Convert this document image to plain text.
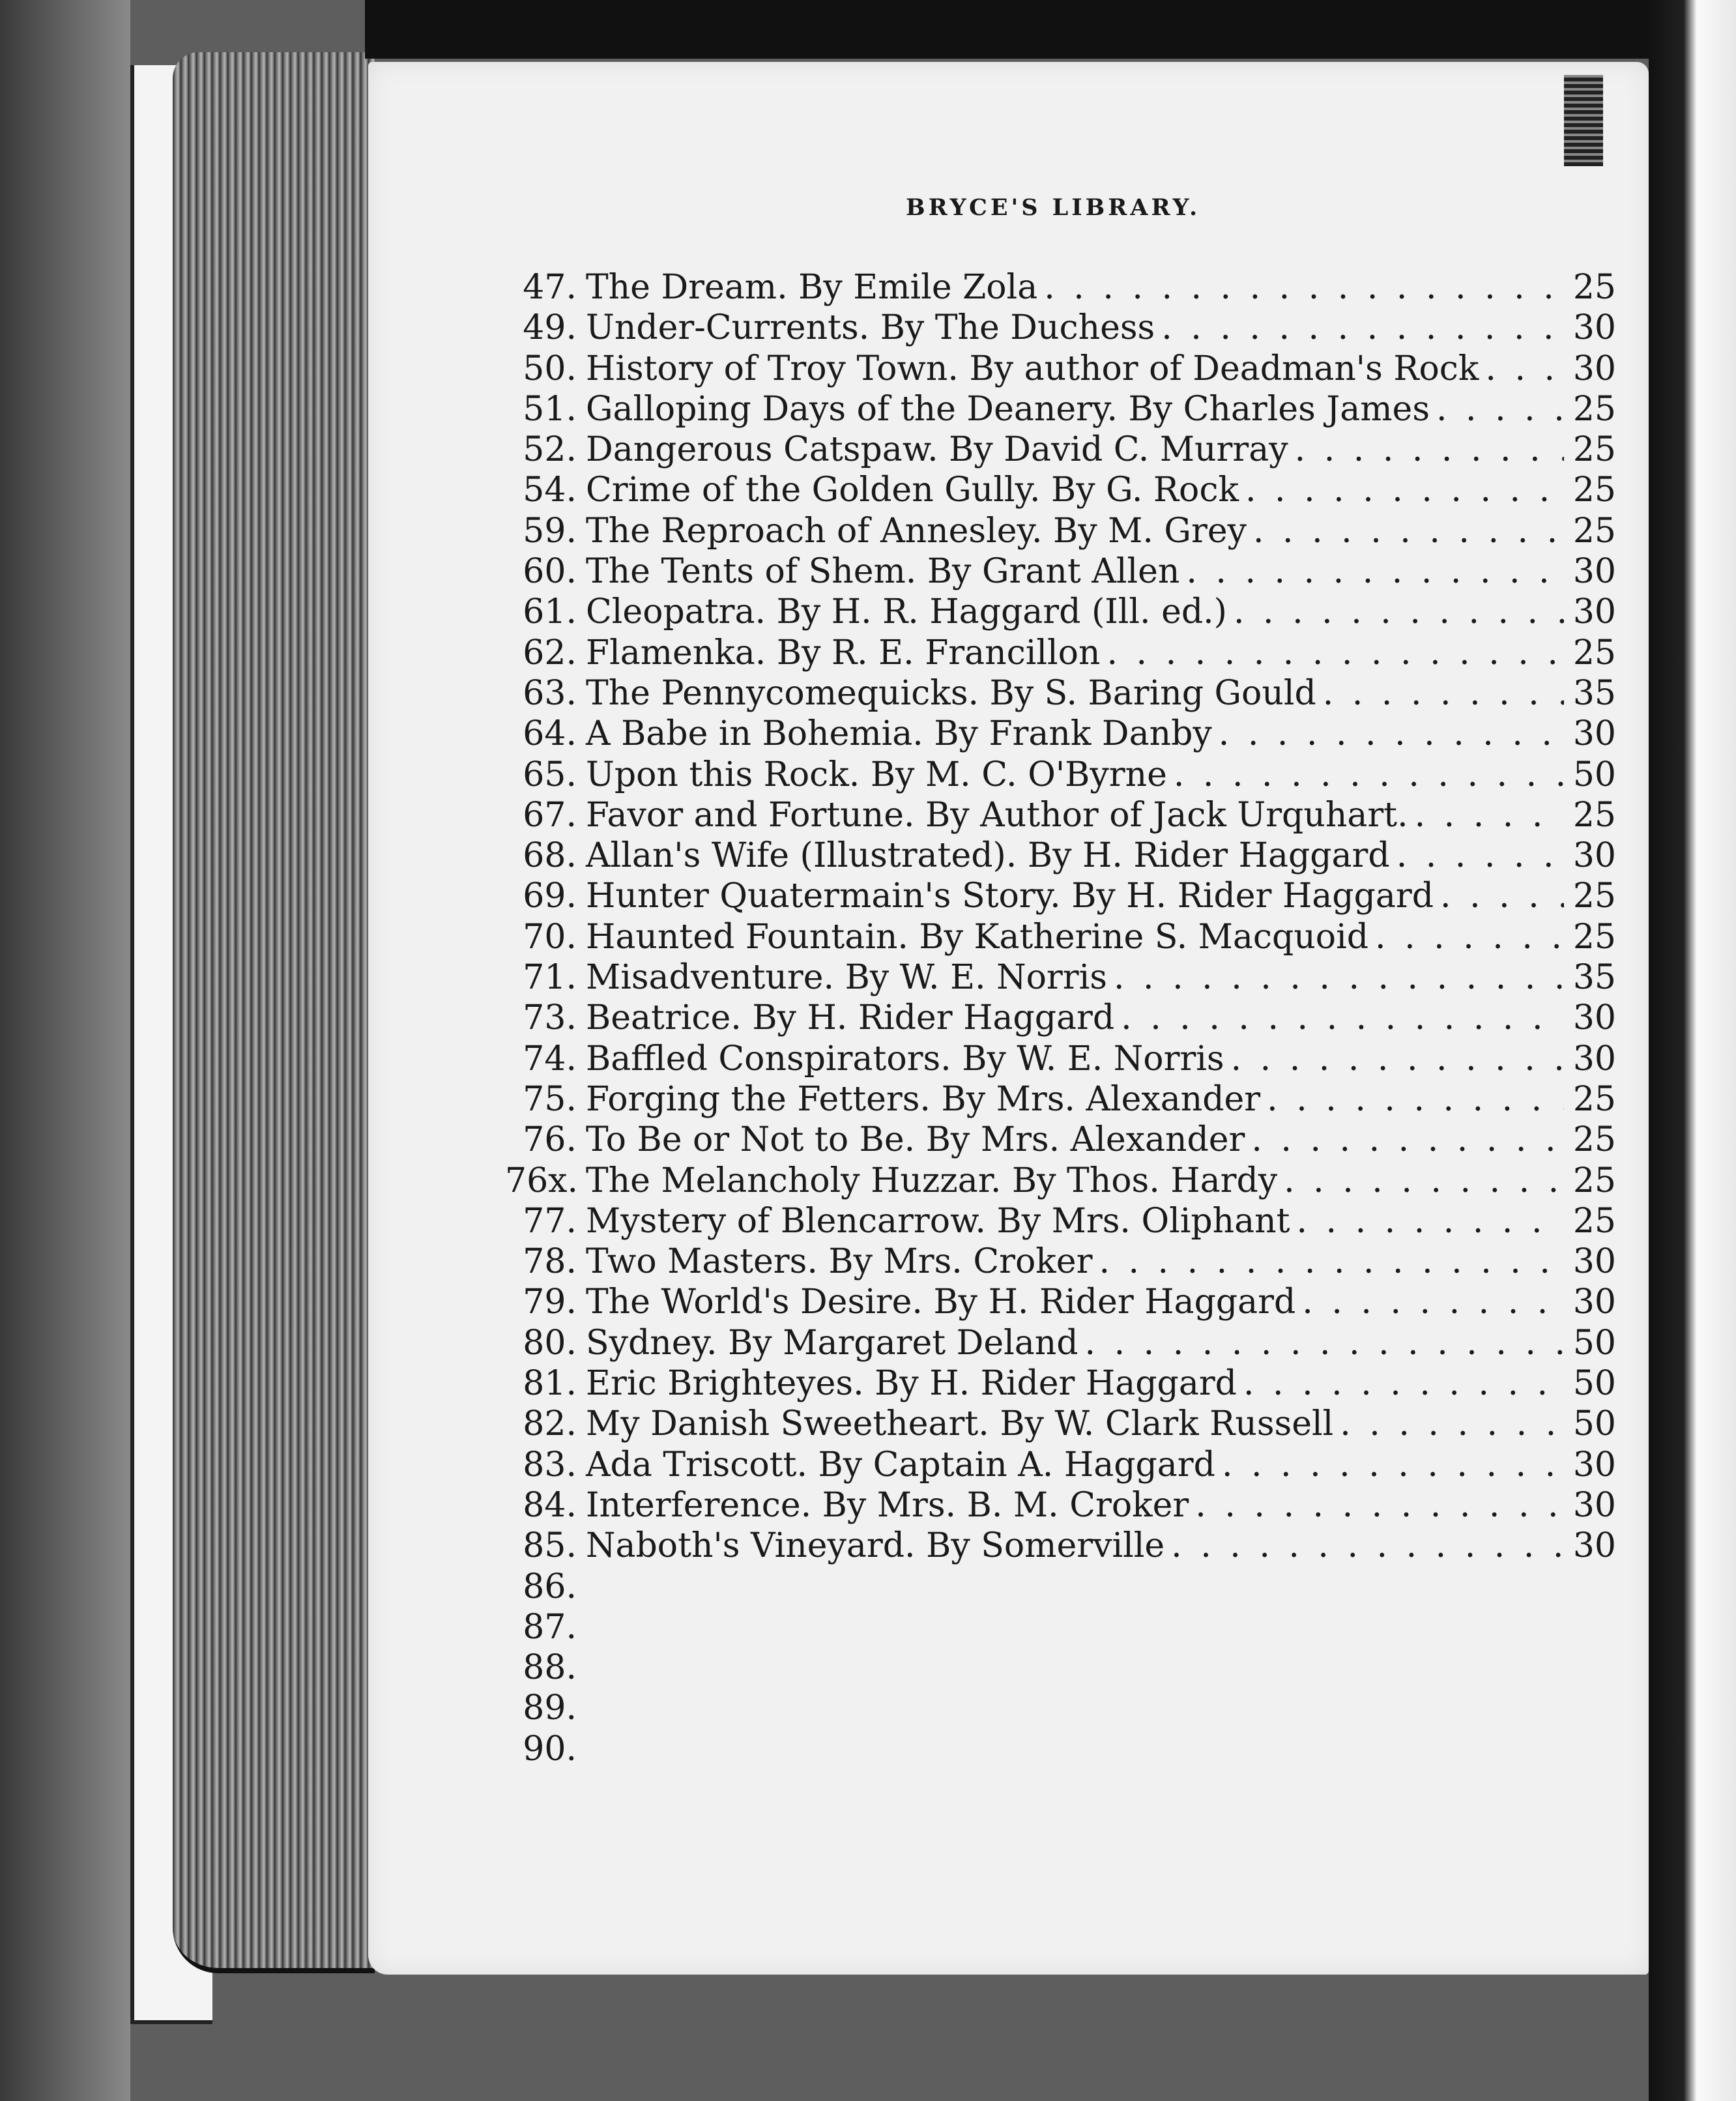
BRYCE'S LIBRARY.
47. The Dream. By Emile Zola . . .	25
49. Under-Currents. By The Duchess . . .	30
50. History of Troy Town. By author of Deadman's Rock . . .	30
51. Galloping Days of the Deanery. By Charles James . . .	25
52. Dangerous Catspaw. By David C. Murray . . .	25
54. Crime of the Golden Gully. By G. Rock . . .	25
59. The Reproach of Annesley. By M. Grey . . .	25
60. The Tents of Shem. By Grant Allen . . .	30
61. Cleopatra. By H. R. Haggard (Ill. ed.) . . .	30
62. Flamenka. By R. E. Francillon . . .	25
63. The Pennycomequicks. By S. Baring Gould . . .	35
64. A Babe in Bohemia. By Frank Danby . . .	30
65. Upon this Rock. By M. C. O'Byrne . . .	50
67. Favor and Fortune. By Author of Jack Urquhart. . . .	25
68. Allan's Wife (Illustrated). By H. Rider Haggard . . .	30
69. Hunter Quatermain's Story. By H. Rider Haggard . . .	25
70. Haunted Fountain. By Katherine S. Macquoid . . .	25
71. Misadventure. By W. E. Norris . . .	35
73. Beatrice. By H. Rider Haggard . . .	30
74. Baffled Conspirators. By W. E. Norris . . .	30
75. Forging the Fetters. By Mrs. Alexander . . .	25
76. To Be or Not to Be. By Mrs. Alexander . . .	25
76x. The Melancholy Huzzar. By Thos. Hardy . . .	25
77. Mystery of Blencarrow. By Mrs. Oliphant . . .	25
78. Two Masters. By Mrs. Croker . . .	30
79. The World's Desire. By H. Rider Haggard . . .	30
80. Sydney. By Margaret Deland . . .	50
81. Eric Brighteyes. By H. Rider Haggard . . .	50
82. My Danish Sweetheart. By W. Clark Russell . . .	50
83. Ada Triscott. By Captain A. Haggard . . .	30
84. Interference. By Mrs. B. M. Croker . . .	30
85. Naboth's Vineyard. By Somerville . . .	30
86.
87.
88.
89.
90.
